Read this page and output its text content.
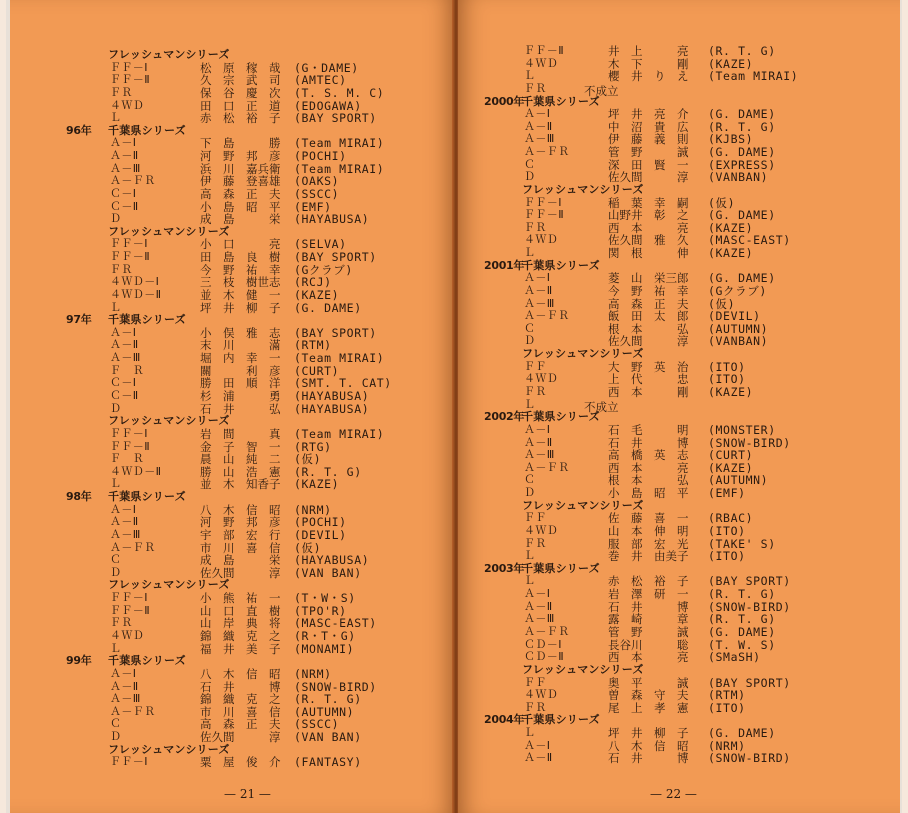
フレッシュマンシリーズ
ＦＦ－Ⅰ	松　原　稼　哉 (G・DAME)
ＦＦ－Ⅱ	久　宗　武　司 (AMTEC)
ＦＲ	保　谷　慶　次 (T. S. M. C)
４ＷＤ	田　口　正　道 (EDOGAWA)
Ｌ	赤　松　裕　子 (BAY SPORT)
96年 千葉県シリーズ
Ａ－Ⅰ	下　島　　　勝 (Team MIRAI)
Ａ－Ⅱ	河　野　邦　彦 (POCHI)
Ａ－Ⅲ	浜　川　嘉兵衛 (Team MIRAI)
Ａ－ＦＲ	伊　藤　登喜雄 (OAKS)
Ｃ－Ⅰ	高　森　正　夫 (SSCC)
Ｃ－Ⅱ	小　島　昭　平 (EMF)
Ｄ	成　島　　　栄 (HAYABUSA)
フレッシュマンシリーズ
ＦＦ－Ⅰ	小　口　　　亮 (SELVA)
ＦＦ－Ⅱ	田　島　良　樹 (BAY SPORT)
ＦＲ	今　野　祐　幸 (Gクラブ)
４ＷＤ－Ⅰ	三　枝　樹世志 (RCJ)
４ＷＤ－Ⅱ	並　木　健　一 (KAZE)
Ｌ	坪　井　柳　子 (G. DAME)
97年 千葉県シリーズ
Ａ－Ⅰ	小　俣　雅　志 (BAY SPORT)
Ａ－Ⅱ	末　川　　　滿 (RTM)
Ａ－Ⅲ	堀　内　幸　一 (Team MIRAI)
Ｆ　Ｒ	關　　　利　彦 (CURT)
Ｃ－Ⅰ	勝　田　順　洋 (SMT. T. CAT)
Ｃ－Ⅱ	杉　浦　　　勇 (HAYABUSA)
Ｄ	石　井　　　弘 (HAYABUSA)
フレッシュマンシリーズ
ＦＦ－Ⅰ	岩　間　　　真 (Team MIRAI)
ＦＦ－Ⅱ	金　子　智　一 (RTG)
Ｆ　Ｒ	晨　山　純　二 (仮)
４ＷＤ－Ⅱ	勝　山　浩　憲 (R. T. G)
Ｌ	並　木　知香子 (KAZE)
98年 千葉県シリーズ
Ａ－Ⅰ	八　木　信　昭 (NRM)
Ａ－Ⅱ	河　野　邦　彦 (POCHI)
Ａ－Ⅲ	宇　部　宏　行 (DEVIL)
Ａ－ＦＲ	市　川　喜　信 (仮)
Ｃ	成　島　　　栄 (HAYABUSA)
Ｄ	佐久間　　　淳 (VAN BAN)
フレッシュマンシリーズ
ＦＦ－Ⅰ	小　熊　祐　一 (T・W・S)
ＦＦ－Ⅱ	山　口　直　樹 (TPO'R)
ＦＲ	山　岸　典　将 (MASC-EAST)
４ＷＤ	錦　織　克　之 (R・T・G)
Ｌ	福　井　美　子 (MONAMI)
99年 千葉県シリーズ
Ａ－Ⅰ	八　木　信　昭 (NRM)
Ａ－Ⅱ	石　井　　　博 (SNOW-BIRD)
Ａ－Ⅲ	錦　織　克　之 (R. T. G)
Ａ－ＦＲ	市　川　喜　信 (AUTUMN)
Ｃ	高　森　正　夫 (SSCC)
Ｄ	佐久間　　　淳 (VAN BAN)
フレッシュマンシリーズ
ＦＦ－Ⅰ	粟　屋　俊　介 (FANTASY)
— 21 —
ＦＦ－Ⅱ	井　上　　　亮 (R. T. G)
４ＷＤ	木　下　　　剛 (KAZE)
Ｌ	櫻　井　り　え (Team MIRAI)
ＦＲ	不成立
2000年
千葉県シリーズ
Ａ－Ⅰ	坪　井　亮　介 (G. DAME)
Ａ－Ⅱ	中　沼　貴　広 (R. T. G)
Ａ－Ⅲ	伊　藤　義　則 (KJBS)
Ａ－ＦＲ	管　野　　　誠 (G. DAME)
Ｃ	深　田　賢　一 (EXPRESS)
Ｄ	佐久間　　　淳 (VANBAN)
フレッシュマンシリーズ
ＦＦ－Ⅰ	稲　葉　幸　嗣 (仮)
ＦＦ－Ⅱ	山野井　彰　之 (G. DAME)
ＦＲ	西　本　　　亮 (KAZE)
４ＷＤ	佐久間　雅　久 (MASC-EAST)
Ｌ	関　根　　　伸 (KAZE)
2001年
千葉県シリーズ
Ａ－Ⅰ	菱　山　栄三郎 (G. DAME)
Ａ－Ⅱ	今　野　祐　幸 (Gクラブ)
Ａ－Ⅲ	高　森　正　夫 (仮)
Ａ－ＦＲ	飯　田　太　郎 (DEVIL)
Ｃ	根　本　　　弘 (AUTUMN)
Ｄ	佐久間　　　淳 (VANBAN)
フレッシュマンシリーズ
ＦＦ	大　野　英　治 (ITO)
４ＷＤ	上　代　　　忠 (ITO)
ＦＲ	西　本　　　剛 (KAZE)
Ｌ	不成立
2002年
千葉県シリーズ
Ａ－Ⅰ	石　毛　　　明 (MONSTER)
Ａ－Ⅱ	石　井　　　博 (SNOW-BIRD)
Ａ－Ⅲ	高　橋　英　志 (CURT)
Ａ－ＦＲ	西　本　　　亮 (KAZE)
Ｃ	根　本　　　弘 (AUTUMN)
Ｄ	小　島　昭　平 (EMF)
フレッシュマンシリーズ
ＦＦ	佐　藤　喜　一 (RBAC)
４ＷＤ	山　本　伸　明 (ITO)
ＦＲ	服　部　宏　光 (TAKE' S)
Ｌ	巻　井　由美子 (ITO)
2003年
千葉県シリーズ
Ｌ	赤　松　裕　子 (BAY SPORT)
Ａ－Ⅰ	岩　澤　研　一 (R. T. G)
Ａ－Ⅱ	石　井　　　博 (SNOW-BIRD)
Ａ－Ⅲ	露　崎　　　章 (R. T. G)
Ａ－ＦＲ	管　野　　　誠 (G. DAME)
ＣＤ－Ⅰ	長谷川　　　聡 (T. W. S)
ＣＤ－Ⅱ	西　本　　　亮 (SMaSH)
フレッシュマンシリーズ
ＦＦ	奥　平　　　誠 (BAY SPORT)
４ＷＤ	曽　森　守　夫 (RTM)
ＦＲ	尾　上　孝　憲 (ITO)
2004年
千葉県シリーズ
Ｌ	坪　井　柳　子 (G. DAME)
Ａ－Ⅰ	八　木　信　昭 (NRM)
Ａ－Ⅱ	石　井　　　博 (SNOW-BIRD)
— 22 —
